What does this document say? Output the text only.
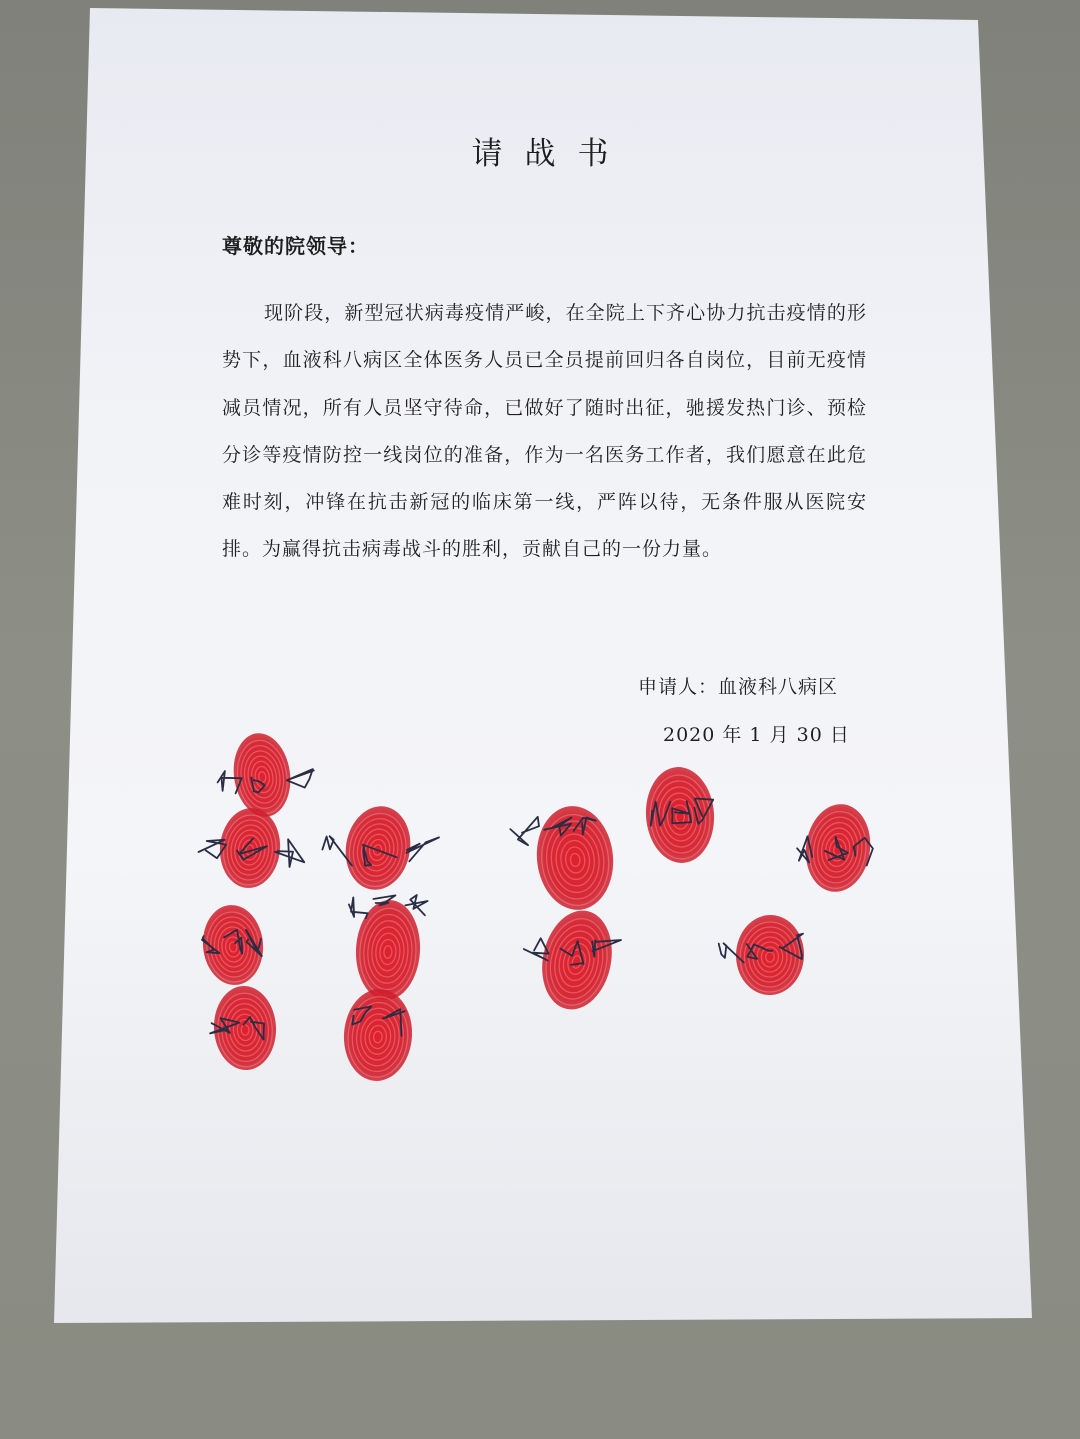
请战书
尊敬的院领导：
现阶段，新型冠状病毒疫情严峻，在全院上下齐心协力抗击疫情的形势下，血液科八病区全体医务人员已全员提前回归各自岗位，目前无疫情减员情况，所有人员坚守待命，已做好了随时出征，驰援发热门诊、预检分诊等疫情防控一线岗位的准备，作为一名医务工作者，我们愿意在此危难时刻，冲锋在抗击新冠的临床第一线，严阵以待，无条件服从医院安排。为赢得抗击病毒战斗的胜利，贡献自己的一份力量。
申请人：血液科八病区
2020 年 1 月 30 日
